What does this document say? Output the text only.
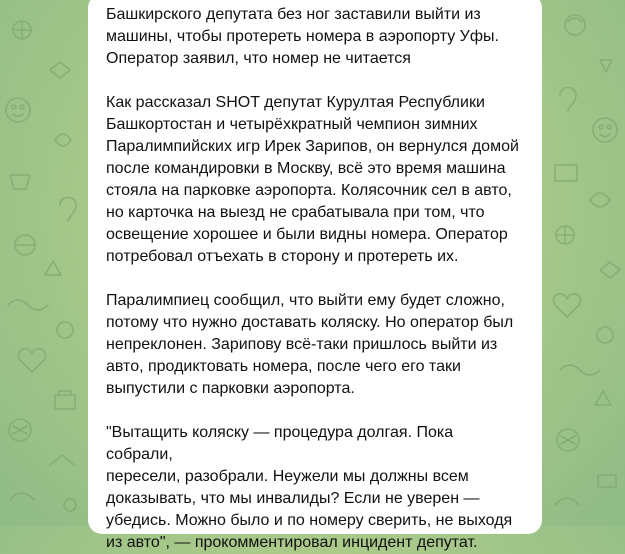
Башкирского депутата без ног заставили выйти из
машины, чтобы протереть номера в аэропорту Уфы.
Оператор заявил, что номер не читается

Как рассказал SHOT депутат Курултая Республики
Башкортостан и четырёхкратный чемпион зимних
Паралимпийских игр Ирек Зарипов, он вернулся домой
после командировки в Москву, всё это время машина
стояла на парковке аэропорта. Колясочник сел в авто,
но карточка на выезд не срабатывала при том, что
освещение хорошее и были видны номера. Оператор
потребовал отъехать в сторону и протереть их.

Паралимпиец сообщил, что выйти ему будет сложно,
потому что нужно доставать коляску. Но оператор был
непреклонен. Зарипову всё-таки пришлось выйти из
авто, продиктовать номера, после чего его таки
выпустили с парковки аэропорта.

"Вытащить коляску — процедура долгая. Пока собрали,
пересели, разобрали. Неужели мы должны всем
доказывать, что мы инвалиды? Если не уверен —
убедись. Можно было и по номеру сверить, не выходя
из авто", — прокомментировал инцидент депутат.
